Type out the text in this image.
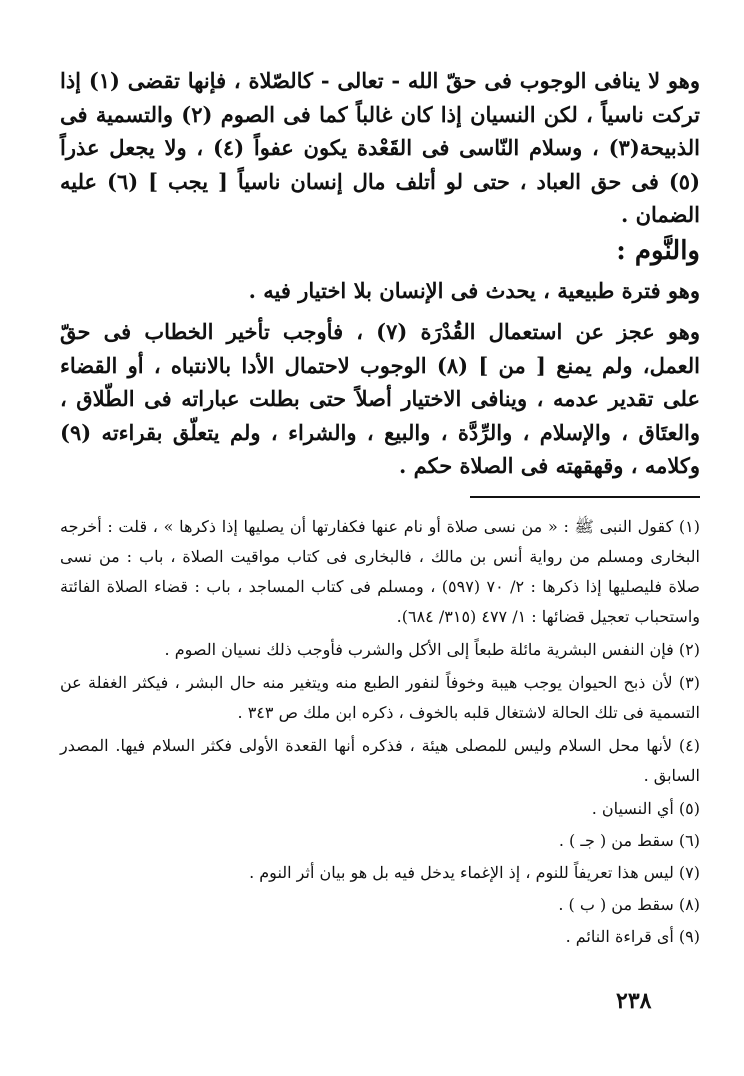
وهو لا ينافى الوجوب فى حقّ الله - تعالى - كالصّلاة ، فإنها تقضى (١) إذا تركت ناسياً ، لكن النسيان إذا كان غالباً كما فى الصوم (٢) والتسمية فى الذبيحة(٣) ، وسلام النّاسى فى القَعْدة يكون عفواً (٤) ، ولا يجعل عذراً (٥) فى حق العباد ، حتى لو أتلف مال إنسان ناسياً [ يجب ] (٦) عليه الضمان .

والنَّوم :

وهو فترة طبيعية ، يحدث فى الإنسان بلا اختيار فيه .

وهو عجز عن استعمال القُدْرَة (٧) ، فأوجب تأخير الخطاب فى حقّ العمل، ولم يمنع [ من ] (٨) الوجوب لاحتمال الأدا بالانتباه ، أو القضاء على تقدير عدمه ، وينافى الاختيار أصلاً حتى بطلت عباراته فى الطّلاق ، والعتَاق ، والإسلام ، والرِّدَّة ، والبيع ، والشراء ، ولم يتعلّق بقراءته (٩) وكلامه ، وقهقهته فى الصلاة حكم .

(١) كقول النبى ﷺ : « من نسى صلاة أو نام عنها فكفارتها أن يصليها إذا ذكرها » ، قلت : أخرجه البخارى ومسلم من رواية أنس بن مالك ، فالبخارى فى كتاب مواقيت الصلاة ، باب : من نسى صلاة فليصليها إذا ذكرها : ٢/ ٧٠ (٥٩٧) ، ومسلم فى كتاب المساجد ، باب : قضاء الصلاة الفائتة واستحباب تعجيل قضائها : ١/ ٤٧٧ (٣١٥/ ٦٨٤).

(٢) فإن النفس البشرية مائلة طبعاً إلى الأكل والشرب فأوجب ذلك نسيان الصوم .

(٣) لأن ذبح الحيوان يوجب هيبة وخوفاً لنفور الطبع منه ويتغير منه حال البشر ، فيكثر الغفلة عن التسمية فى تلك الحالة لاشتغال قلبه بالخوف ، ذكره ابن ملك ص ٣٤٣ .

(٤) لأنها محل السلام وليس للمصلى هيئة ، فذكره أنها القعدة الأولى فكثر السلام فيها. المصدر السابق .

(٥) أي النسيان .

(٦) سقط من ( جـ ) .

(٧) ليس هذا تعريفاً للنوم ، إذ الإغماء يدخل فيه بل هو بيان أثر النوم .

(٨) سقط من ( ب ) .

(٩) أى قراءة النائم .

٢٣٨
